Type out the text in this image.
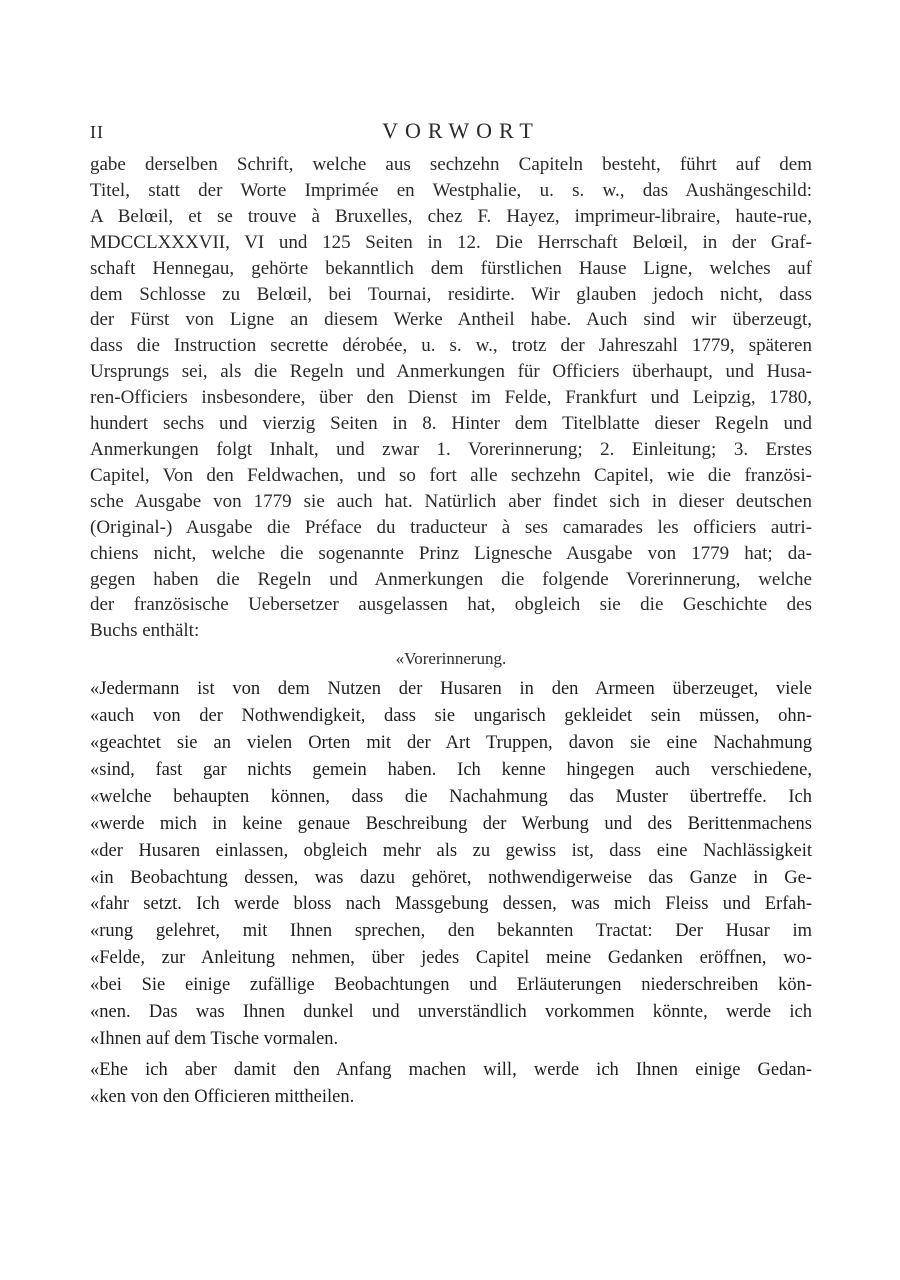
II	VORWORT
gabe derselben Schrift, welche aus sechzehn Capiteln besteht, führt auf dem
Titel, statt der Worte Imprimée en Westphalie, u. s. w., das Aushängeschild:
A Belœil, et se trouve à Bruxelles, chez F. Hayez, imprimeur-libraire, haute-rue,
MDCCLXXXVII, VI und 125 Seiten in 12. Die Herrschaft Belœil, in der Graf-
schaft Hennegau, gehörte bekanntlich dem fürstlichen Hause Ligne, welches auf
dem Schlosse zu Belœil, bei Tournai, residirte. Wir glauben jedoch nicht, dass
der Fürst von Ligne an diesem Werke Antheil habe. Auch sind wir überzeugt,
dass die Instruction secrette dérobée, u. s. w., trotz der Jahreszahl 1779, späteren
Ursprungs sei, als die Regeln und Anmerkungen für Officiers überhaupt, und Husa-
ren-Officiers insbesondere, über den Dienst im Felde, Frankfurt und Leipzig, 1780,
hundert sechs und vierzig Seiten in 8. Hinter dem Titelblatte dieser Regeln und
Anmerkungen folgt Inhalt, und zwar 1. Vorerinnerung; 2. Einleitung; 3. Erstes
Capitel, Von den Feldwachen, und so fort alle sechzehn Capitel, wie die französi-
sche Ausgabe von 1779 sie auch hat. Natürlich aber findet sich in dieser deutschen
(Original-) Ausgabe die Préface du traducteur à ses camarades les officiers autri-
chiens nicht, welche die sogenannte Prinz Lignesche Ausgabe von 1779 hat; da-
gegen haben die Regeln und Anmerkungen die folgende Vorerinnerung, welche
der französische Uebersetzer ausgelassen hat, obgleich sie die Geschichte des
Buchs enthält:
«Vorerinnerung.
«Jedermann ist von dem Nutzen der Husaren in den Armeen überzeuget, viele
«auch von der Nothwendigkeit, dass sie ungarisch gekleidet sein müssen, ohn-
«geachtet sie an vielen Orten mit der Art Truppen, davon sie eine Nachahmung
«sind, fast gar nichts gemein haben. Ich kenne hingegen auch verschiedene,
«welche behaupten können, dass die Nachahmung das Muster übertreffe. Ich
«werde mich in keine genaue Beschreibung der Werbung und des Berittenmachens
«der Husaren einlassen, obgleich mehr als zu gewiss ist, dass eine Nachlässigkeit
«in Beobachtung dessen, was dazu gehöret, nothwendigerweise das Ganze in Ge-
«fahr setzt. Ich werde bloss nach Massgebung dessen, was mich Fleiss und Erfah-
«rung gelehret, mit Ihnen sprechen, den bekannten Tractat: Der Husar im
«Felde, zur Anleitung nehmen, über jedes Capitel meine Gedanken eröffnen, wo-
«bei Sie einige zufällige Beobachtungen und Erläuterungen niederschreiben kön-
«nen. Das was Ihnen dunkel und unverständlich vorkommen könnte, werde ich
«Ihnen auf dem Tische vormalen.
«Ehe ich aber damit den Anfang machen will, werde ich Ihnen einige Gedan-
«ken von den Officieren mittheilen.
